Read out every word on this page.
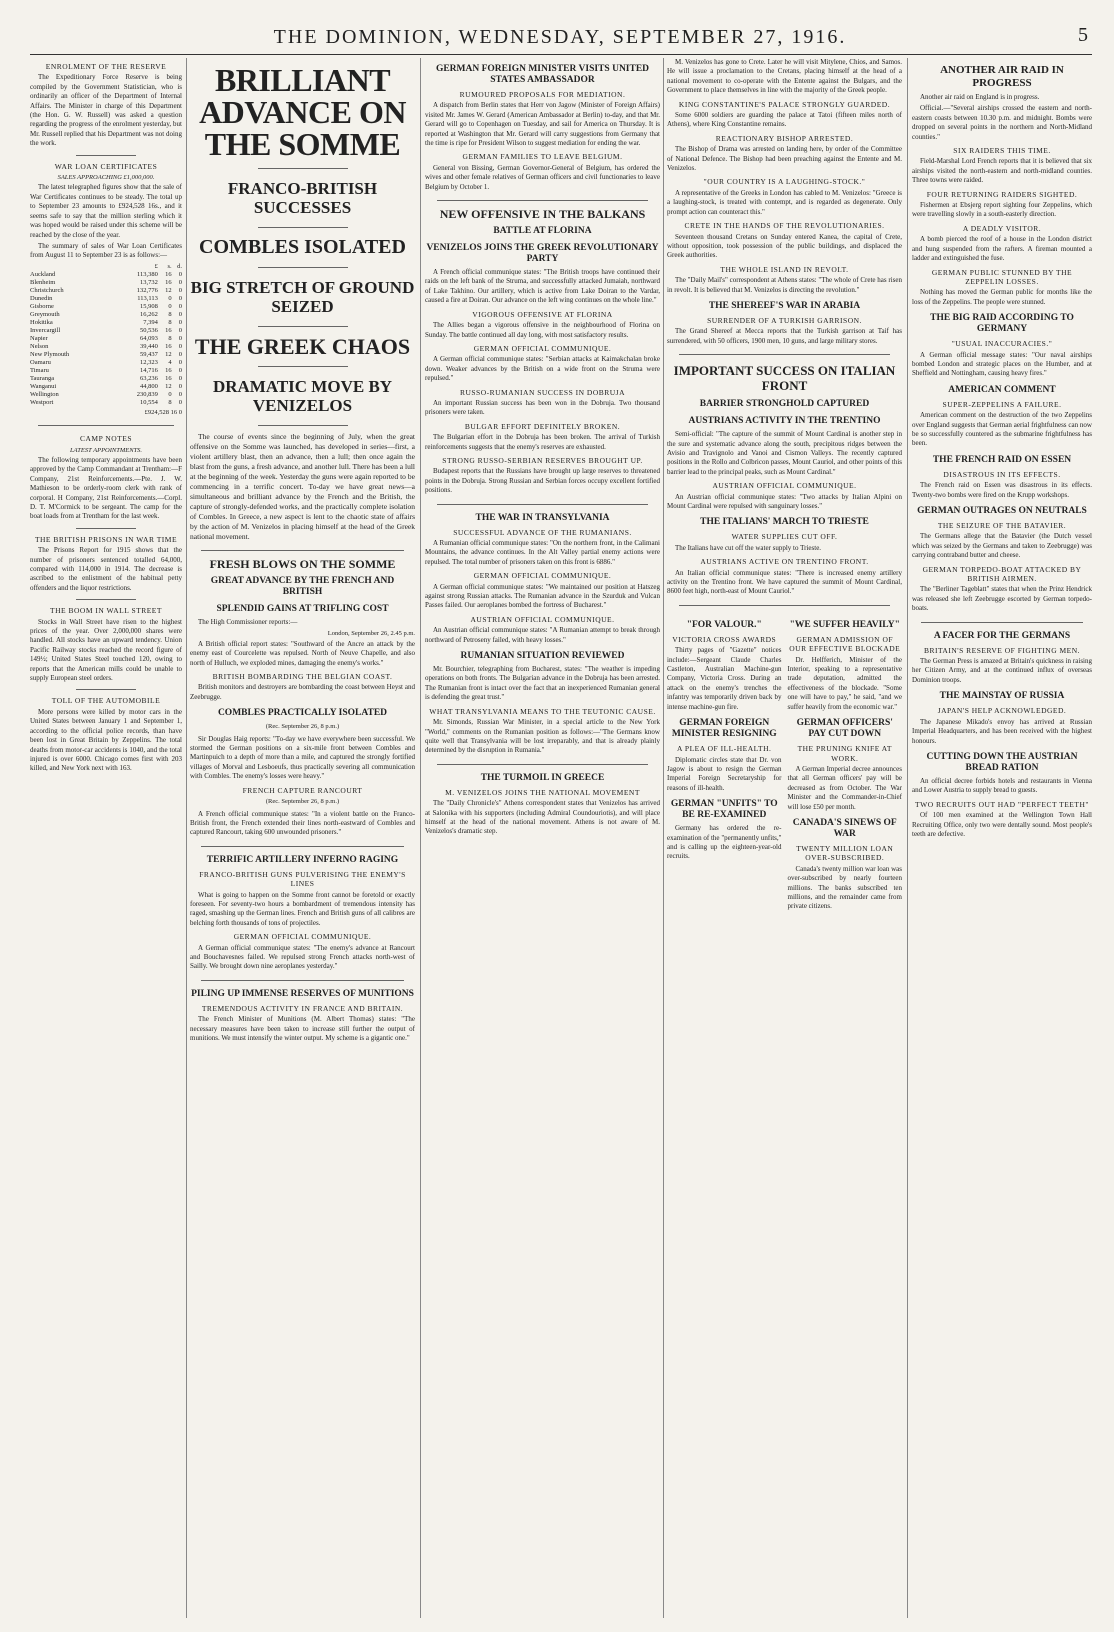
THE DOMINION, WEDNESDAY, SEPTEMBER 27, 1916.	5
ENROLMENT OF THE RESERVE

The Expeditionary Force Reserve is being compiled by the Government Statistician, who is ordinarily an officer of the Department of Internal Affairs. The Minister in charge of this Department (the Hon. G. W. Russell) was asked a question regarding the progress of the enrolment yesterday, but Mr. Russell replied that his Department was not doing the work.

WAR LOAN CERTIFICATES
SALES APPROACHING £1,000,000.

The latest telegraphed figures show that the sale of War Certificates continues to be steady. The total up to September 23 amounts to £924,528 16s., and it seems safe to say that the million sterling which it was hoped would be raised under this scheme will be reached by the close of the year.

The summary of sales of War Loan Certificates from August 11 to September 23 is as follows:—

	£	s.	d.
Auckland	113,380	16	0
Blenheim	13,732	16	0
Christchurch	132,776	12	0
Dunedin	113,113	0	0
Gisborne	15,908	0	0
Greymouth	16,262	8	0
Hokitika	7,394	8	0
Invercargill	50,536	16	0
Napier	64,093	8	0
Nelson	39,440	16	0
New Plymouth	59,437	12	0
Oamaru	12,323	4	0
Timaru	14,716	16	0
Tauranga	63,236	16	0
Wanganui	44,800	12	0
Wellington	230,839	0	0
Westport	10,554	8	0
£924,528 16 0
CAMP NOTES
LATEST APPOINTMENTS.

The following temporary appointments have been approved by the Camp Commandant at Trentham:—F Company, 21st Reinforcements.—Pte. J. W. Mathieson to be orderly-room clerk with rank of corporal. H Company, 21st Reinforcements.—Corpl. D. T. M'Cormick to be sergeant. The camp for the boat loads from at Trentham for the last week.

THE BRITISH PRISONS IN WAR TIME

The Prisons Report for 1915 shows that the number of prisoners sentenced totalled 64,000, compared with 114,000 in 1914. The decrease is ascribed to the enlistment of the habitual petty offenders and the liquor restrictions.

THE BOOM IN WALL STREET

Stocks in Wall Street have risen to the highest prices of the year. Over 2,000,000 shares were handled. All stocks have an upward tendency. Union Pacific Railway stocks reached the record figure of 149½; United States Steel touched 120, owing to reports that the American mills could be unable to supply European steel orders.

TOLL OF THE AUTOMOBILE

More persons were killed by motor cars in the United States between January 1 and September 1, according to the official police records, than have been lost in Great Britain by Zeppelins. The total deaths from motor-car accidents is 1040, and the total injured is over 6000. Chicago comes first with 203 killed, and New York next with 163.

BRILLIANT ADVANCE ON THE SOMME
FRANCO-BRITISH SUCCESSES
COMBLES ISOLATED
BIG STRETCH OF GROUND SEIZED
THE GREEK CHAOS
DRAMATIC MOVE BY VENIZELOS

The course of events since the beginning of July, when the great offensive on the Somme was launched, has developed in series—first, a violent artillery blast, then an advance, then a lull; then once again the blast from the guns, a fresh advance, and another lull. There has been a lull at the beginning of the week. Yesterday the guns were again reported to be commencing in a terrific concert. To-day we have great news—a simultaneous and brilliant advance by the French and the British, the capture of strongly-defended works, and the practically complete isolation of Combles. In Greece, a new aspect is lent to the chaotic state of affairs by the action of M. Venizelos in placing himself at the head of the Greek national movement.

FRESH BLOWS ON THE SOMME
GREAT ADVANCE BY THE FRENCH AND BRITISH
SPLENDID GAINS AT TRIFLING COST

The High Commissioner reports:—

London, September 26, 2.45 p.m.

A British official report states: "Southward of the Ancre an attack by the enemy east of Courcelette was repulsed. North of Neuve Chapelle, and also north of Hulluch, we exploded mines, damaging the enemy's works."

BRITISH BOMBARDING THE BELGIAN COAST.

British monitors and destroyers are bombarding the coast between Heyst and Zeebrugge.

COMBLES PRACTICALLY ISOLATED
(Rec. September 26, 8 p.m.)

Sir Douglas Haig reports: "To-day we have everywhere been successful. We stormed the German positions on a six-mile front between Combles and Martinpuich to a depth of more than a mile, and captured the strongly fortified villages of Morval and Lesboeufs, thus practically severing all communication with Combles. The enemy's losses were heavy."

FRENCH CAPTURE RANCOURT
(Rec. September 26, 8 p.m.)

A French official communique states: "In a violent battle on the Franco-British front, the French extended their lines north-eastward of Combles and captured Rancourt, taking 600 unwounded prisoners."

TERRIFIC ARTILLERY INFERNO RAGING
FRANCO-BRITISH GUNS PULVERISING THE ENEMY'S LINES

What is going to happen on the Somme front cannot be foretold or exactly foreseen. For seventy-two hours a bombardment of tremendous intensity has raged, smashing up the German lines. French and British guns of all calibres are belching forth thousands of tons of projectiles.

GERMAN OFFICIAL COMMUNIQUE.

A German official communique states: "The enemy's advance at Rancourt and Bouchavesnes failed. We repulsed strong French attacks north-west of Sailly. We brought down nine aeroplanes yesterday."

PILING UP IMMENSE RESERVES OF MUNITIONS
TREMENDOUS ACTIVITY IN FRANCE AND BRITAIN.

The French Minister of Munitions (M. Albert Thomas) states: "The necessary measures have been taken to increase still further the output of munitions. We must intensify the winter output. My scheme is a gigantic one."

GERMAN FOREIGN MINISTER VISITS UNITED STATES AMBASSADOR
RUMOURED PROPOSALS FOR MEDIATION.

A dispatch from Berlin states that Herr von Jagow (Minister of Foreign Affairs) visited Mr. James W. Gerard (American Ambassador at Berlin) to-day, and that Mr. Gerard will go to Copenhagen on Tuesday, and sail for America on Thursday. It is reported at Washington that Mr. Gerard will carry suggestions from Germany that the time is ripe for President Wilson to suggest mediation for ending the war.

GERMAN FAMILIES TO LEAVE BELGIUM.

General von Bissing, German Governor-General of Belgium, has ordered the wives and other female relatives of German officers and civil functionaries to leave Belgium by October 1.

NEW OFFENSIVE IN THE BALKANS
BATTLE AT FLORINA
VENIZELOS JOINS THE GREEK REVOLUTIONARY PARTY

A French official communique states: "The British troops have continued their raids on the left bank of the Struma, and successfully attacked Jumaiah, northward of Lake Takhino. Our artillery, which is active from Lake Doiran to the Vardar, caused a fire at Doiran. Our advance on the left wing continues on the whole line."

VIGOROUS OFFENSIVE AT FLORINA

The Allies began a vigorous offensive in the neighbourhood of Florina on Sunday. The battle continued all day long, with most satisfactory results.

GERMAN OFFICIAL COMMUNIQUE.

A German official communique states: "Serbian attacks at Kaimakchalan broke down. Weaker advances by the British on a wide front on the Struma were repulsed."

RUSSO-RUMANIAN SUCCESS IN DOBRUJA

An important Russian success has been won in the Dobruja. Two thousand prisoners were taken.

BULGAR EFFORT DEFINITELY BROKEN.

The Bulgarian effort in the Dobruja has been broken. The arrival of Turkish reinforcements suggests that the enemy's reserves are exhausted.

STRONG RUSSO-SERBIAN RESERVES BROUGHT UP.

Budapest reports that the Russians have brought up large reserves to threatened points in the Dobruja. Strong Russian and Serbian forces occupy excellent fortified positions.

THE WAR IN TRANSYLVANIA
SUCCESSFUL ADVANCE OF THE RUMANIANS.

A Rumanian official communique states: "On the northern front, in the Calimani Mountains, the advance continues. In the Alt Valley partial enemy actions were repulsed. The total number of prisoners taken on this front is 6886."

GERMAN OFFICIAL COMMUNIQUE.

A German official communique states: "We maintained our position at Hatszeg against strong Russian attacks. The Rumanian advance in the Szurduk and Vulcan Passes failed. Our aeroplanes bombed the fortress of Bucharest."

AUSTRIAN OFFICIAL COMMUNIQUE.

An Austrian official communique states: "A Rumanian attempt to break through northward of Petroseny failed, with heavy losses."

RUMANIAN SITUATION REVIEWED

Mr. Bourchier, telegraphing from Bucharest, states: "The weather is impeding operations on both fronts. The Bulgarian advance in the Dobruja has been arrested. The Rumanian front is intact over the fact that an inexperienced Rumanian general is defending the great trust."

WHAT TRANSYLVANIA MEANS TO THE TEUTONIC CAUSE.

Mr. Simonds, Russian War Minister, in a special article to the New York "World," comments on the Rumanian position as follows:—"The Germans know quite well that Transylvania will be lost irreparably, and that is already plainly determined by the disruption in Rumania."

THE TURMOIL IN GREECE
M. VENIZELOS JOINS THE NATIONAL MOVEMENT

The "Daily Chronicle's" Athens correspondent states that Venizelos has arrived at Salonika with his supporters (including Admiral Coundouriotis), and will place himself at the head of the national movement. Athens is not aware of M. Venizelos's dramatic step.

M. Venizelos has gone to Crete. Later he will visit Mitylene, Chios, and Samos. He will issue a proclamation to the Cretans, placing himself at the head of a national movement to co-operate with the Entente against the Bulgars, and the Government to place themselves in line with the majority of the Greek people.

KING CONSTANTINE'S PALACE STRONGLY GUARDED.

Some 6000 soldiers are guarding the palace at Tatoi (fifteen miles north of Athens), where King Constantine remains.

REACTIONARY BISHOP ARRESTED.

The Bishop of Drama was arrested on landing here, by order of the Committee of National Defence. The Bishop had been preaching against the Entente and M. Venizelos.

"OUR COUNTRY IS A LAUGHING-STOCK."

A representative of the Greeks in London has cabled to M. Venizelos: "Greece is a laughing-stock, is treated with contempt, and is regarded as degenerate. Only prompt action can counteract this."

CRETE IN THE HANDS OF THE REVOLUTIONARIES.

Seventeen thousand Cretans on Sunday entered Kanea, the capital of Crete, without opposition, took possession of the public buildings, and displaced the Greek authorities.

THE WHOLE ISLAND IN REVOLT.

The "Daily Mail's" correspondent at Athens states: "The whole of Crete has risen in revolt. It is believed that M. Venizelos is directing the revolution."

THE SHEREEF'S WAR IN ARABIA
SURRENDER OF A TURKISH GARRISON.

The Grand Shereef at Mecca reports that the Turkish garrison at Taif has surrendered, with 50 officers, 1900 men, 10 guns, and large military stores.

IMPORTANT SUCCESS ON ITALIAN FRONT
BARRIER STRONGHOLD CAPTURED
AUSTRIANS ACTIVITY IN THE TRENTINO

Semi-official: "The capture of the summit of Mount Cardinal is another step in the sure and systematic advance along the south, precipitous ridges between the Avisio and Travignolo and Vanoi and Cismon Valleys. The recently captured positions in the Rollo and Colbricon passes, Mount Cauriol, and other points of this barrier lead to the principal peaks, such as Mount Cardinal."

AUSTRIAN OFFICIAL COMMUNIQUE.

An Austrian official communique states: "Two attacks by Italian Alpini on Mount Cardinal were repulsed with sanguinary losses."

THE ITALIANS' MARCH TO TRIESTE
WATER SUPPLIES CUT OFF.

The Italians have cut off the water supply to Trieste.

AUSTRIANS ACTIVE ON TRENTINO FRONT.

An Italian official communique states: "There is increased enemy artillery activity on the Trentino front. We have captured the summit of Mount Cardinal, 8600 feet high, north-east of Mount Cauriol."

"FOR VALOUR."
VICTORIA CROSS AWARDS

Thirty pages of "Gazette" notices include:—Sergeant Claude Charles Castleton, Australian Machine-gun Company, Victoria Cross. During an attack on the enemy's trenches the infantry was temporarily driven back by intense machine-gun fire.

GERMAN FOREIGN MINISTER RESIGNING
A PLEA OF ILL-HEALTH.

Diplomatic circles state that Dr. von Jagow is about to resign the German Imperial Foreign Secretaryship for reasons of ill-health.

GERMAN "UNFITS" TO BE RE-EXAMINED

Germany has ordered the re-examination of the "permanently unfits," and is calling up the eighteen-year-old recruits.

"WE SUFFER HEAVILY"
GERMAN ADMISSION OF OUR EFFECTIVE BLOCKADE

Dr. Helfferich, Minister of the Interior, speaking to a representative trade deputation, admitted the effectiveness of the blockade. "Some one will have to pay," he said, "and we suffer heavily from the economic war."

GERMAN OFFICERS' PAY CUT DOWN
THE PRUNING KNIFE AT WORK.

A German Imperial decree announces that all German officers' pay will be decreased as from October. The War Minister and the Commander-in-Chief will lose £50 per month.

CANADA'S SINEWS OF WAR
TWENTY MILLION LOAN OVER-SUBSCRIBED.

Canada's twenty million war loan was over-subscribed by nearly fourteen millions. The banks subscribed ten millions, and the remainder came from private citizens.

ANOTHER AIR RAID IN PROGRESS

Another air raid on England is in progress.

Official.—"Several airships crossed the eastern and north-eastern coasts between 10.30 p.m. and midnight. Bombs were dropped on several points in the northern and North-Midland counties."

SIX RAIDERS THIS TIME.

Field-Marshal Lord French reports that it is believed that six airships visited the north-eastern and north-midland counties. Three towns were raided.

FOUR RETURNING RAIDERS SIGHTED.

Fishermen at Ebsjerg report sighting four Zeppelins, which were travelling slowly in a south-easterly direction.

A DEADLY VISITOR.

A bomb pierced the roof of a house in the London district and hung suspended from the rafters. A fireman mounted a ladder and extinguished the fuse.

GERMAN PUBLIC STUNNED BY THE ZEPPELIN LOSSES.

Nothing has moved the German public for months like the loss of the Zeppelins. The people were stunned.

THE BIG RAID ACCORDING TO GERMANY
"USUAL INACCURACIES."

A German official message states: "Our naval airships bombed London and strategic places on the Humber, and at Sheffield and Nottingham, causing heavy fires."

AMERICAN COMMENT
SUPER-ZEPPELINS A FAILURE.

American comment on the destruction of the two Zeppelins over England suggests that German aerial frightfulness can now be so successfully countered as the submarine frightfulness has been.

THE FRENCH RAID ON ESSEN
DISASTROUS IN ITS EFFECTS.

The French raid on Essen was disastrous in its effects. Twenty-two bombs were fired on the Krupp workshops.

GERMAN OUTRAGES ON NEUTRALS
THE SEIZURE OF THE BATAVIER.

The Germans allege that the Batavier (the Dutch vessel which was seized by the Germans and taken to Zeebrugge) was carrying contraband butter and cheese.

GERMAN TORPEDO-BOAT ATTACKED BY BRITISH AIRMEN.

The "Berliner Tageblatt" states that when the Prinz Hendrick was released she left Zeebrugge escorted by German torpedo-boats.

A FACER FOR THE GERMANS
BRITAIN'S RESERVE OF FIGHTING MEN.

The German Press is amazed at Britain's quickness in raising her Citizen Army, and at the continued influx of overseas Dominion troops.

THE MAINSTAY OF RUSSIA
JAPAN'S HELP ACKNOWLEDGED.

The Japanese Mikado's envoy has arrived at Russian Imperial Headquarters, and has been received with the highest honours.

CUTTING DOWN THE AUSTRIAN BREAD RATION

An official decree forbids hotels and restaurants in Vienna and Lower Austria to supply bread to guests.

TWO RECRUITS OUT HAD "PERFECT TEETH"

Of 100 men examined at the Wellington Town Hall Recruiting Office, only two were dentally sound. Most people's teeth are defective.
